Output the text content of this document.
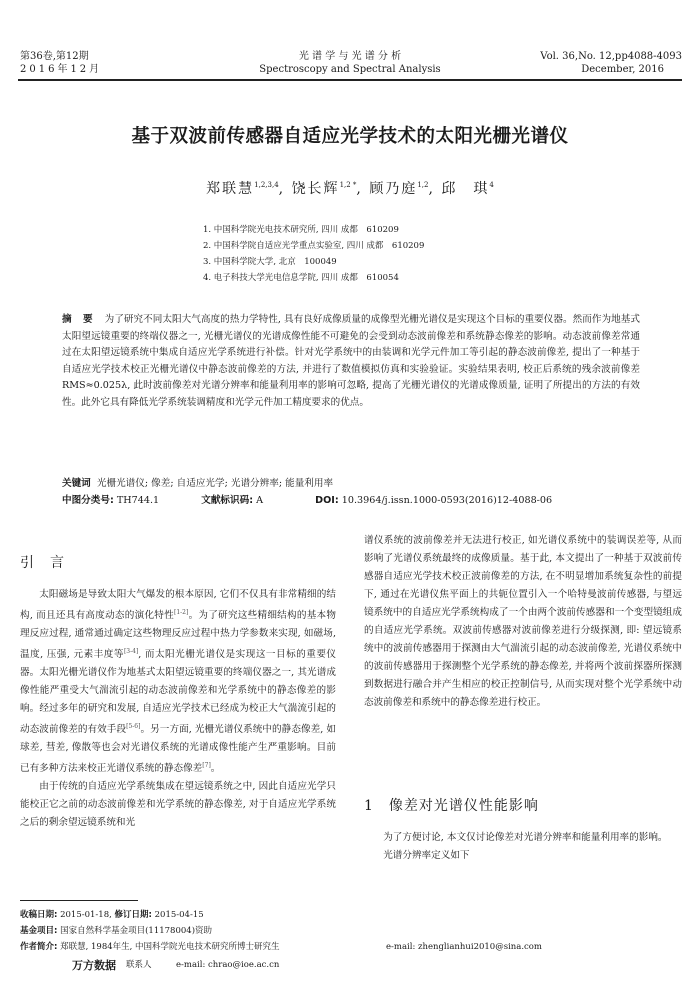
第36卷,第12期
2016年12月
光 谱 学 与 光 谱 分 析
Spectroscopy and Spectral Analysis
Vol. 36,No. 12,pp4088-4093
December, 2016
基于双波前传感器自适应光学技术的太阳光栅光谱仪
郑联慧$^{1,2,3,4}$, 饶长辉$^{1,2 *}$, 顾乃庭$^{1,2}$, 邱　琪$^4$
1. 中国科学院光电技术研究所, 四川 成都　610209
2. 中国科学院自适应光学重点实验室, 四川 成都　610209
3. 中国科学院大学, 北京　100049
4. 电子科技大学光电信息学院, 四川 成都　610054
摘 要 为了研究不同太阳大气高度的热力学特性, 具有良好成像质量的成像型光栅光谱仪是实现这个目标的重要仪器。然而作为地基式太阳望远镜重要的终端仪器之一, 光栅光谱仪的光谱成像性能不可避免的会受到动态波前像差和系统静态像差的影响。动态波前像差常通过在太阳望远镜系统中集成自适应光学系统进行补偿。针对光学系统中的由装调和光学元件加工等引起的静态波前像差, 提出了一种基于自适应光学技术校正光栅光谱仪中静态波前像差的方法, 并进行了数值模拟仿真和实验验证。实验结果表明, 校正后系统的残余波前像差 RMS≈0.025λ, 此时波前像差对光谱分辨率和能量利用率的影响可忽略, 提高了光栅光谱仪的光谱成像质量, 证明了所提出的方法的有效性。此外它具有降低光学系统装调精度和光学元件加工精度要求的优点。
关键词 光栅光谱仪; 像差; 自适应光学; 光谱分辨率; 能量利用率
中图分类号: TH744.1	文献标识码: A	DOI: 10.3964/j.issn.1000-0593(2016)12-4088-06
引　言

太阳磁场是导致太阳大气爆发的根本原因, 它们不仅具有非常精细的结构, 而且还具有高度动态的演化特性[1-2]。为了研究这些精细结构的基本物理反应过程, 通常通过确定这些物理反应过程中热力学参数来实现, 如磁场, 温度, 压强, 元素丰度等[3-4], 而太阳光栅光谱仪是实现这一目标的重要仪器。太阳光栅光谱仪作为地基式太阳望远镜重要的终端仪器之一, 其光谱成像性能严重受大气湍流引起的动态波前像差和光学系统中的静态像差的影响。经过多年的研究和发展, 自适应光学技术已经成为校正大气湍流引起的动态波前像差的有效手段[5-6]。另一方面, 光栅光谱仪系统中的静态像差, 如球差, 彗差, 像散等也会对光谱仪系统的光谱成像性能产生严重影响。目前已有多种方法来校正光谱仪系统的静态像差[7]。

由于传统的自适应光学系统集成在望远镜系统之中, 因此自适应光学只能校正它之前的动态波前像差和光学系统的静态像差, 对于自适应光学系统之后的剩余望远镜系统和光

谱仪系统的波前像差并无法进行校正, 如光谱仪系统中的装调误差等, 从而影响了光谱仪系统最终的成像质量。基于此, 本文提出了一种基于双波前传感器自适应光学技术校正波前像差的方法, 在不明显增加系统复杂性的前提下, 通过在光谱仪焦平面上的共轭位置引入一个哈特曼波前传感器, 与望远镜系统中的自适应光学系统构成了一个由两个波前传感器和一个变型镜组成的自适应光学系统。双波前传感器对波前像差进行分级探测, 即: 望远镜系统中的波前传感器用于探测由大气湍流引起的动态波前像差, 光谱仪系统中的波前传感器用于探测整个光学系统的静态像差, 并将两个波前探器所探测到数据进行融合并产生相应的校正控制信号, 从而实现对整个光学系统中动态波前像差和系统中的静态像差进行校正。

1　像差对光谱仪性能影响

为了方便讨论, 本文仅讨论像差对光谱分辨率和能量利用率的影响。

光谱分辨率定义如下

收稿日期: 2015-01-18, 修订日期: 2015-04-15
基金项目: 国家自然科学基金项目(11178004)资助
作者简介: 郑联慧, 1984年生, 中国科学院光电技术研究所博士研究生	e-mail: zhenglianhui2010@sina.com
万方数据 联系人	e-mail: chrao@ioe.ac.cn
